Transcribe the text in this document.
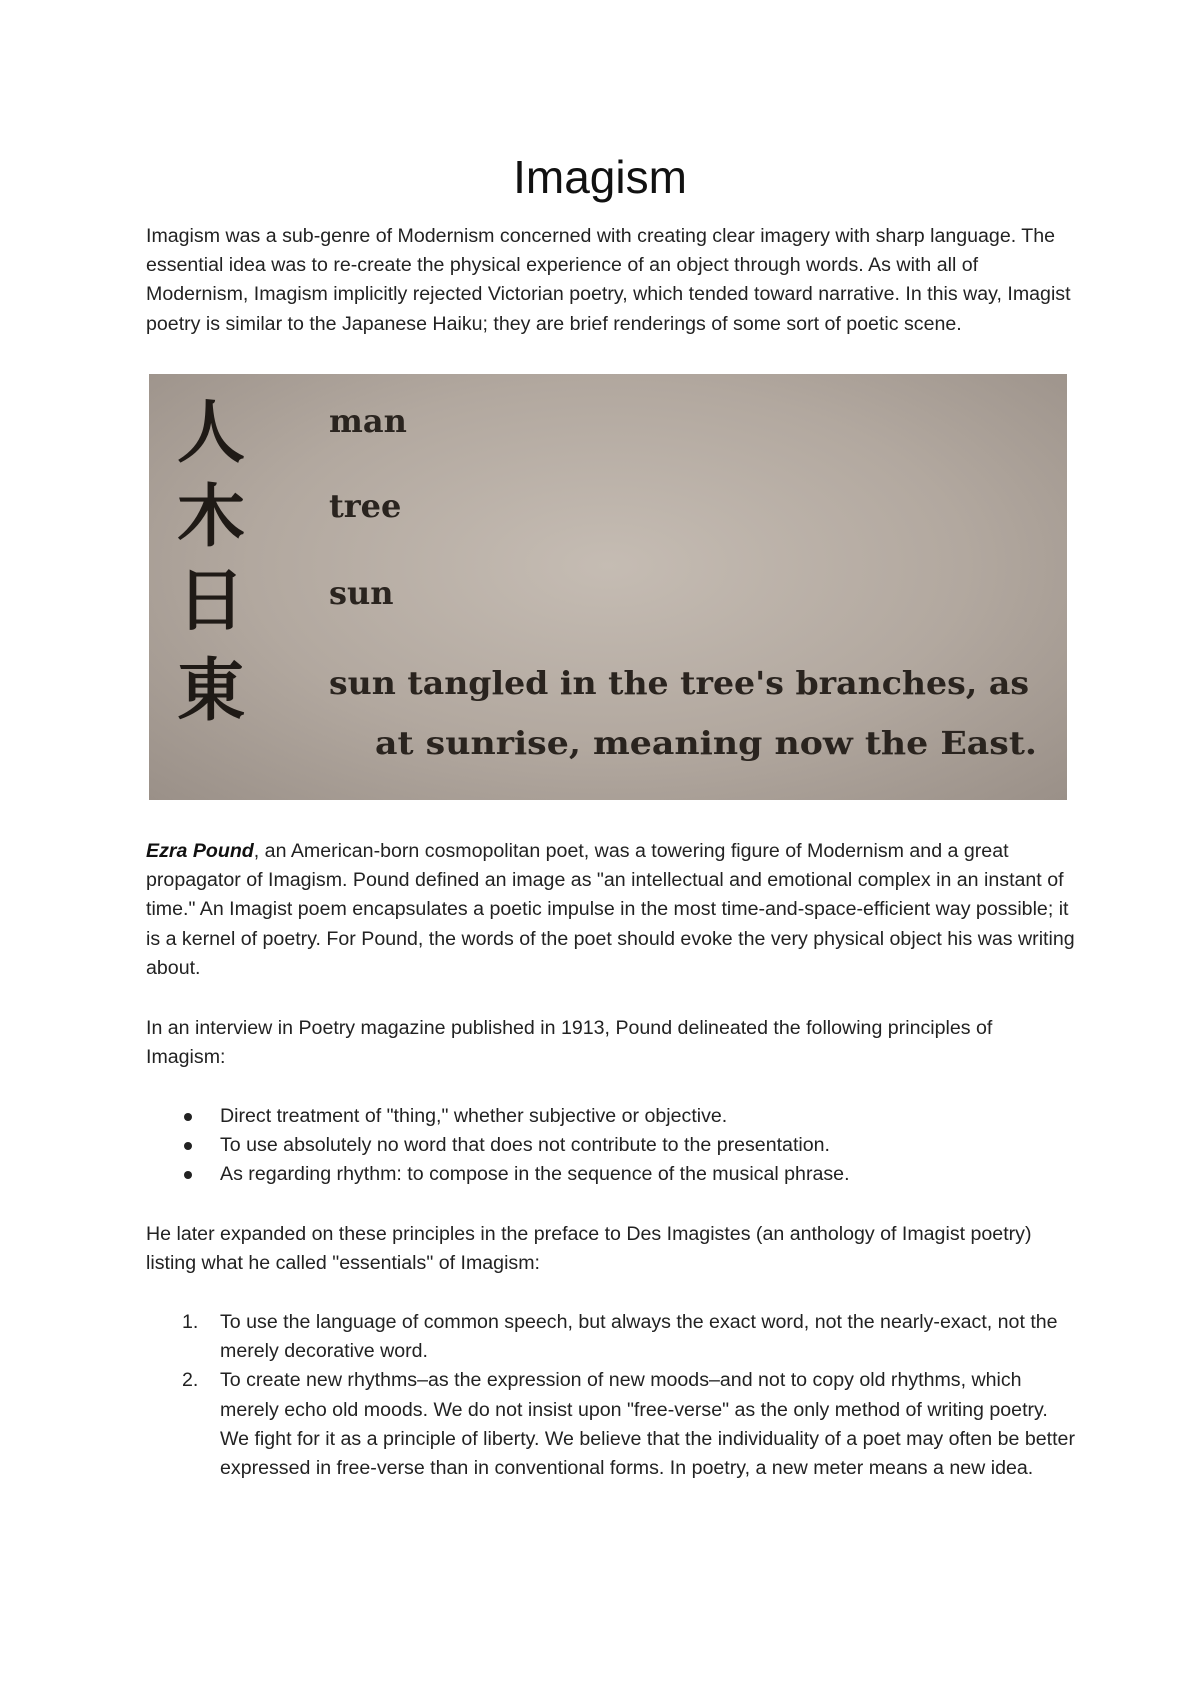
Imagism

Imagism was a sub-genre of Modernism concerned with creating clear imagery with sharp language. The essential idea was to re-create the physical experience of an object through words. As with all of Modernism, Imagism implicitly rejected Victorian poetry, which tended toward narrative. In this way, Imagist poetry is similar to the Japanese Haiku; they are brief renderings of some sort of poetic scene.

人	man
木	tree
日	sun
東	sun tangled in the tree's branches, as
at sunrise, meaning now the East.

Ezra Pound, an American-born cosmopolitan poet, was a towering figure of Modernism and a great propagator of Imagism. Pound defined an image as "an intellectual and emotional complex in an instant of time." An Imagist poem encapsulates a poetic impulse in the most time-and-space-efficient way possible; it is a kernel of poetry. For Pound, the words of the poet should evoke the very physical object his was writing about.

In an interview in Poetry magazine published in 1913, Pound delineated the following principles of Imagism:

Direct treatment of "thing," whether subjective or objective.
To use absolutely no word that does not contribute to the presentation.
As regarding rhythm: to compose in the sequence of the musical phrase.

He later expanded on these principles in the preface to Des Imagistes (an anthology of Imagist poetry) listing what he called "essentials" of Imagism:

1. To use the language of common speech, but always the exact word, not the nearly-exact, not the merely decorative word.
2. To create new rhythms–as the expression of new moods–and not to copy old rhythms, which merely echo old moods. We do not insist upon "free-verse" as the only method of writing poetry. We fight for it as a principle of liberty. We believe that the individuality of a poet may often be better expressed in free-verse than in conventional forms. In poetry, a new meter means a new idea.
